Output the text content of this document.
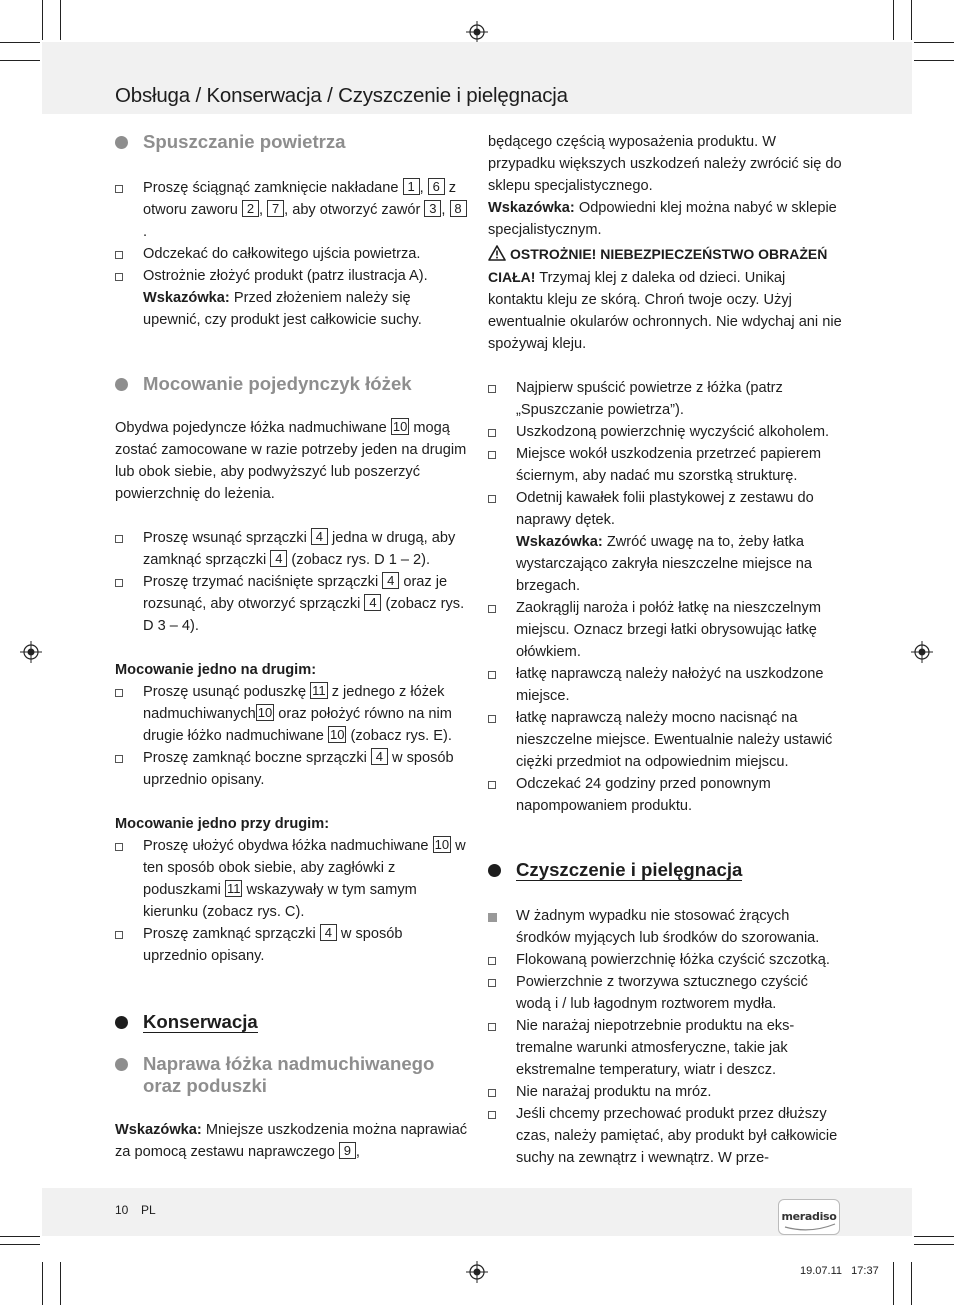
Obsługa / Konserwacja / Czyszczenie i pielęgnacja
Spuszczanie powietrza
Proszę ściągnąć zamknięcie nakładane 1 , 6 z otworu zaworu 2 , 7 , aby otworzyć zawór 3 , 8.
Odczekać do całkowitego ujścia powietrza.
Ostrożnie złożyć produkt (patrz ilustracja A).
Wskazówka: Przed złożeniem należy się upewnić, czy produkt jest całkowicie suchy.
Mocowanie pojedynczyk łóżek
Obydwa pojedyncze łóżka nadmuchiwane 10 mogą zostać zamocowane w razie potrzeby jeden na drugim lub obok siebie, aby podwyższyć lub poszerzyć powierzchnię do leżenia.
Proszę wsunąć sprzączki 4 jedna w drugą, aby zamknąć sprzączki 4 (zobacz rys. D 1 – 2).
Proszę trzymać naciśnięte sprzączki 4 oraz je rozsunąć, aby otworzyć sprzączki 4 (zobacz rys. D 3 – 4).
Mocowanie jedno na drugim:
Proszę usunąć poduszkę 11 z jednego z łóżek nadmuchiwanych 10 oraz położyć równo na nim drugie łóżko nadmuchiwane 10 (zobacz rys. E).
Proszę zamknąć boczne sprzączki 4 w sposób uprzednio opisany.
Mocowanie jedno przy drugim:
Proszę ułożyć obydwa łóżka nadmuchiwane 10 w ten sposób obok siebie, aby zagłówki z poduszkami 11 wskazywały w tym samym kierunku (zobacz rys. C).
Proszę zamknąć sprzączki 4 w sposób uprzednio opisany.
Konserwacja
Naprawa łóżka nadmuchiwanego oraz poduszki
Wskazówka: Mniejsze uszkodzenia można naprawiać za pomocą zestawu naprawczego 9 ,
będącego częścią wyposażenia produktu. W przypadku większych uszkodzeń należy zwrócić się do sklepu specjalistycznego.
Wskazówka: Odpowiedni klej można nabyć w sklepie specjalistycznym.
OSTROŻNIE! NIEBEZPIECZEŃSTWO OBRAŻEŃ CIAŁA! Trzymaj klej z daleka od dzieci. Unikaj kontaktu kleju ze skórą. Chroń twoje oczy. Użyj ewentualnie okularów ochronnych. Nie wdychaj ani nie spożywaj kleju.
Najpierw spuścić powietrze z łóżka (patrz „Spuszczanie powietrza”).
Uszkodzoną powierzchnię wyczyścić alkoholem.
Miejsce wokół uszkodzenia przetrzeć papierem ściernym, aby nadać mu szorstką strukturę.
Odetnij kawałek folii plastykowej z zestawu do naprawy dętek.
Wskazówka: Zwróć uwagę na to, żeby łatka wystarczająco zakryła nieszczelne miejsce na brzegach.
Zaokrąglij naroża i połóż łatkę na nieszczelnym miejscu. Oznacz brzegi łatki obrysowując łatkę ołówkiem.
łatkę naprawczą należy nałożyć na uszkodzone miejsce.
łatkę naprawczą należy mocno nacisnąć na nieszczelne miejsce. Ewentualnie należy ustawić ciężki przedmiot na odpowiednim miejscu.
Odczekać 24 godziny przed ponownym napompowaniem produktu.
Czyszczenie i pielęgnacja
W żadnym wypadku nie stosować żrących środków myjących lub środków do szorowania.
Flokowaną powierzchnię łóżka czyścić szczotką.
Powierzchnie z tworzywa sztucznego czyścić wodą i / lub łagodnym roztworem mydła.
Nie narażaj niepotrzebnie produktu na ekstremalne warunki atmosferyczne, takie jak ekstremalne temperatury, wiatr i deszcz.
Nie narażaj produktu na mróz.
Jeśli chcemy przechować produkt przez dłuższy czas, należy pamiętać, aby produkt był całkowicie suchy na zewnątrz i wewnątrz. W prze-
10 PL	meradiso
19.07.11   17:37
